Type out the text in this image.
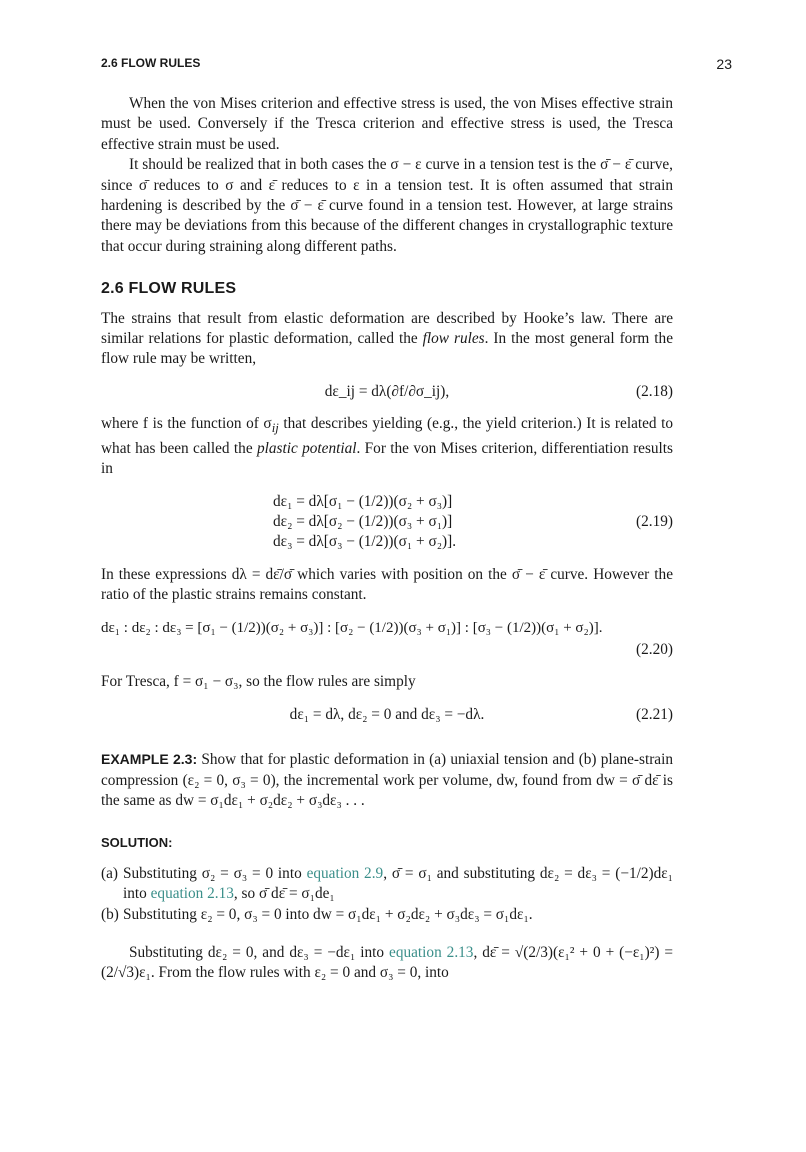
2.6 FLOW RULES	23

When the von Mises criterion and effective stress is used, the von Mises effective strain must be used. Conversely if the Tresca criterion and effective stress is used, the Tresca effective strain must be used.

It should be realized that in both cases the σ − ε curve in a tension test is the σ̄ − ε̄ curve, since σ̄ reduces to σ and ε̄ reduces to ε in a tension test. It is often assumed that strain hardening is described by the σ̄ − ε̄ curve found in a tension test. However, at large strains there may be deviations from this because of the different changes in crystallographic texture that occur during straining along different paths.

2.6 FLOW RULES

The strains that result from elastic deformation are described by Hooke’s law. There are similar relations for plastic deformation, called the flow rules. In the most general form the flow rule may be written,

dε_ij = dλ(∂f/∂σ_ij),	(2.18)

where f is the function of $\sigma_{ij}$ that describes yielding (e.g., the yield criterion.) It is related to what has been called the plastic potential. For the von Mises criterion, differentiation results in

dε₁ = dλ[σ₁ − (1/2))(σ₂ + σ₃)]
dε₂ = dλ[σ₂ − (1/2))(σ₃ + σ₁)]
dε₃ = dλ[σ₃ − (1/2))(σ₁ + σ₂)].
(2.19)

In these expressions dλ = dε̄/σ̄ which varies with position on the σ̄ − ε̄ curve. However the ratio of the plastic strains remains constant.

dε₁ : dε₂ : dε₃ = [σ₁ − (1/2))(σ₂ + σ₃)] : [σ₂ − (1/2))(σ₃ + σ₁)] : [σ₃ − (1/2))(σ₁ + σ₂)].
(2.20)

For Tresca, f = σ₁ − σ₃, so the flow rules are simply

dε₁ = dλ, dε₂ = 0 and dε₃ = −dλ.	(2.21)

EXAMPLE 2.3: Show that for plastic deformation in (a) uniaxial tension and (b) plane-strain compression (ε₂ = 0, σ₃ = 0), the incremental work per volume, dw, found from dw = σ̄ dε̄ is the same as dw = σ₁dε₁ + σ₂dε₂ + σ₃dε₃ . . .

SOLUTION:
(a) Substituting σ₂ = σ₃ = 0 into equation 2.9, σ̄ = σ₁ and substituting dε₂ = dε₃ = (−1/2)dε₁ into equation 2.13, so σ̄ dε̄ = σ₁de₁
(b) Substituting ε₂ = 0, σ₃ = 0 into dw = σ₁dε₁ + σ₂dε₂ + σ₃dε₃ = σ₁dε₁.

Substituting dε₂ = 0, and dε₃ = −dε₁ into equation 2.13, dε̄ = √(2/3)(ε₁² + 0 + (−ε₁)²) = (2/√3)ε₁. From the flow rules with ε₂ = 0 and σ₃ = 0, into
